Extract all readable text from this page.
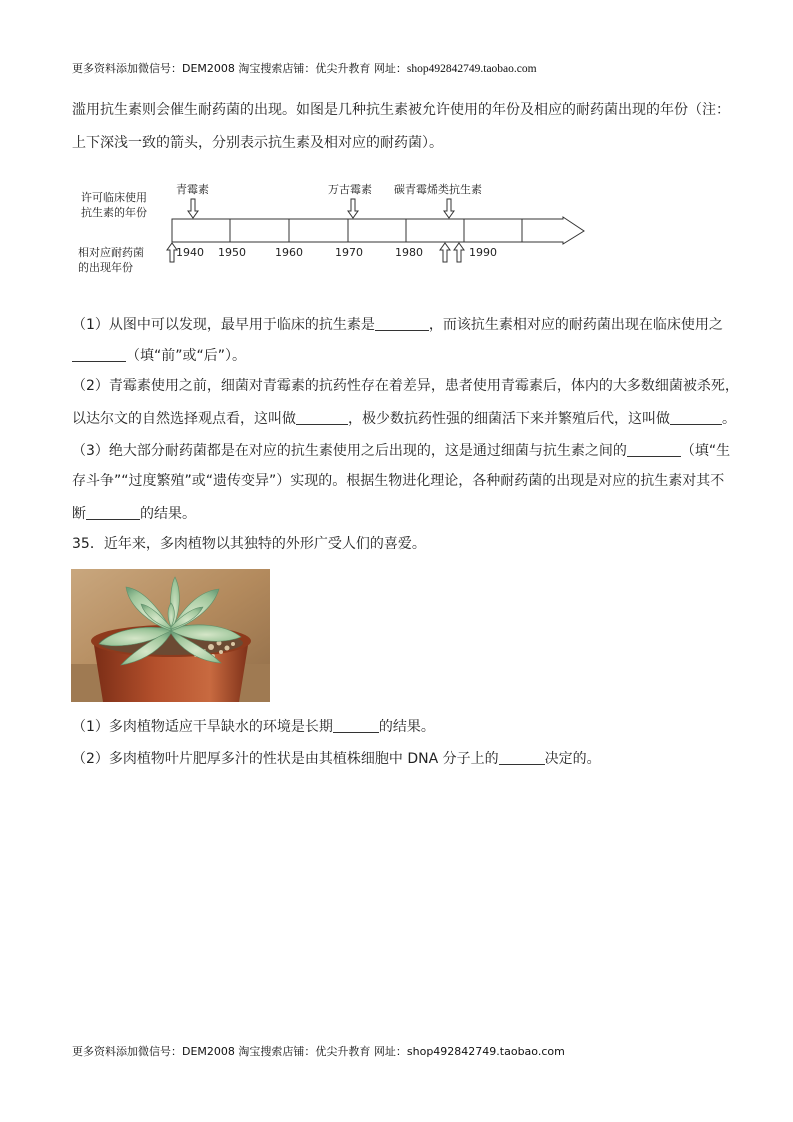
更多资料添加微信号：DEM2008 淘宝搜索店铺：优尖升教育 网址：shop492842749.taobao.com
滥用抗生素则会催生耐药菌的出现。如图是几种抗生素被允许使用的年份及相应的耐药菌出现的年份（注：
上下深浅一致的箭头，分别表示抗生素及相对应的耐药菌）。
许可临床使用
抗生素的年份
相对应耐药菌
的出现年份
青霉素	万古霉素 碳青霉烯类抗生素
1940 1950	1960	1970	1980	1990
（1）从图中可以发现，最早用于临床的抗生素是	，而该抗生素相对应的耐药菌出现在临床使用之
（填“前”或“后”）。
（2）青霉素使用之前，细菌对青霉素的抗药性存在着差异，患者使用青霉素后，体内的大多数细菌被杀死，
以达尔文的自然选择观点看，这叫做	，极少数抗药性强的细菌活下来并繁殖后代，这叫做	。
（3）绝大部分耐药菌都是在对应的抗生素使用之后出现的，这是通过细菌与抗生素之间的	（填“生
存斗争”“过度繁殖”或“遗传变异”）实现的。根据生物进化理论，各种耐药菌的出现是对应的抗生素对其不
断	的结果。
35．近年来，多肉植物以其独特的外形广受人们的喜爱。
（1）多肉植物适应干旱缺水的环境是长期	的结果。
（2）多肉植物叶片肥厚多汁的性状是由其植株细胞中 DNA 分子上的	决定的。
更多资料添加微信号：DEM2008 淘宝搜索店铺：优尖升教育 网址：shop492842749.taobao.com
